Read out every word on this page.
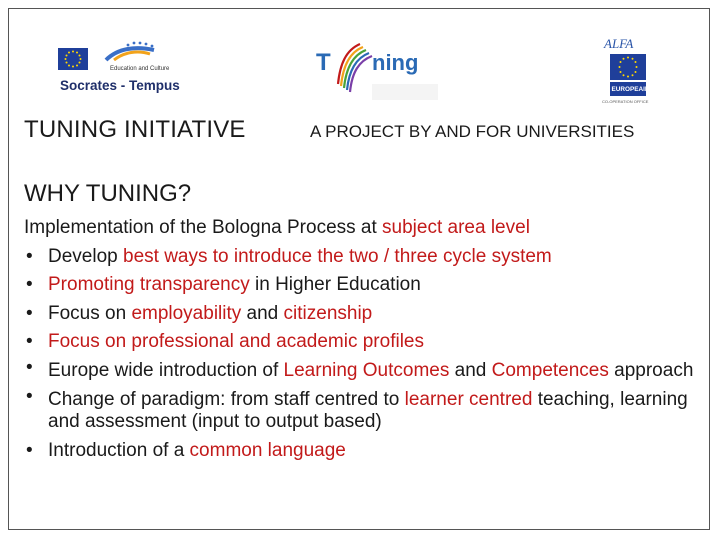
Education and Culture
Socrates - Tempus
T ning
ALFA
EUROPEAID
CO-OPERATION OFFICE
TUNING INITIATIVE	A PROJECT BY AND FOR UNIVERSITIES
WHY TUNING?
Implementation of the Bologna Process at subject area level
• Develop best ways to introduce the two / three cycle system
• Promoting transparency in Higher Education
• Focus on employability and citizenship
• Focus on professional and academic profiles
• Europe wide introduction of Learning Outcomes and Competences approach
• Change of paradigm: from staff centred to learner centred teaching, learning and assessment (input to output based)
• Introduction of a common language
